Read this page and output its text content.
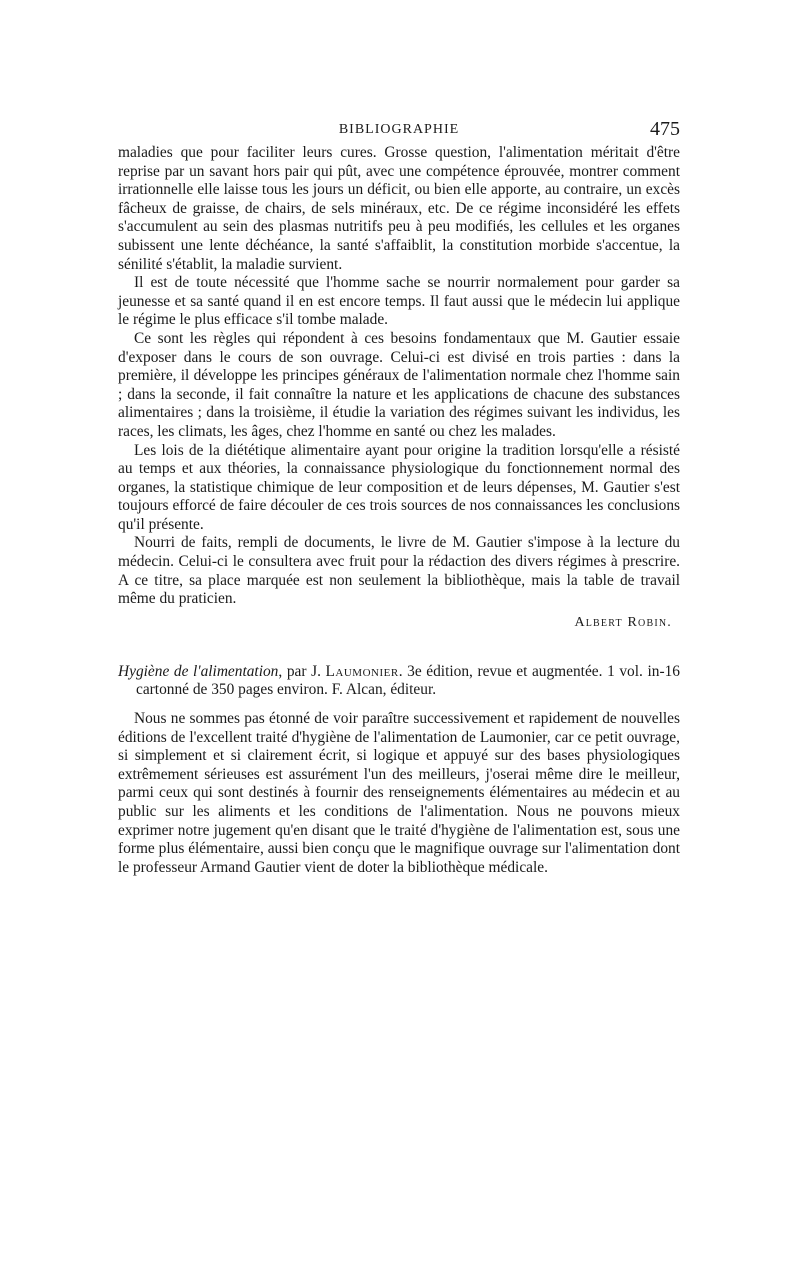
BIBLIOGRAPHIE	475

maladies que pour faciliter leurs cures. Grosse question, l'alimentation méritait d'être reprise par un savant hors pair qui pût, avec une compétence éprouvée, montrer comment irrationnelle elle laisse tous les jours un déficit, ou bien elle apporte, au contraire, un excès fâcheux de graisse, de chairs, de sels minéraux, etc. De ce régime inconsidéré les effets s'accumulent au sein des plasmas nutritifs peu à peu modifiés, les cellules et les organes subissent une lente déchéance, la santé s'affaiblit, la constitution morbide s'accentue, la sénilité s'établit, la maladie survient.

Il est de toute nécessité que l'homme sache se nourrir normalement pour garder sa jeunesse et sa santé quand il en est encore temps. Il faut aussi que le médecin lui applique le régime le plus efficace s'il tombe malade.

Ce sont les règles qui répondent à ces besoins fondamentaux que M. Gautier essaie d'exposer dans le cours de son ouvrage. Celui-ci est divisé en trois parties : dans la première, il développe les principes généraux de l'alimentation normale chez l'homme sain ; dans la seconde, il fait connaître la nature et les applications de chacune des substances alimentaires ; dans la troisième, il étudie la variation des régimes suivant les individus, les races, les climats, les âges, chez l'homme en santé ou chez les malades.

Les lois de la diététique alimentaire ayant pour origine la tradition lorsqu'elle a résisté au temps et aux théories, la connaissance physiologique du fonctionnement normal des organes, la statistique chimique de leur composition et de leurs dépenses, M. Gautier s'est toujours efforcé de faire découler de ces trois sources de nos connaissances les conclusions qu'il présente.

Nourri de faits, rempli de documents, le livre de M. Gautier s'impose à la lecture du médecin. Celui-ci le consultera avec fruit pour la rédaction des divers régimes à prescrire. A ce titre, sa place marquée est non seulement la bibliothèque, mais la table de travail même du praticien.

Albert Robin.

Hygiène de l'alimentation, par J. Laumonier. 3e édition, revue et augmentée. 1 vol. in-16 cartonné de 350 pages environ. F. Alcan, éditeur.

Nous ne sommes pas étonné de voir paraître successivement et rapidement de nouvelles éditions de l'excellent traité d'hygiène de l'alimentation de Laumonier, car ce petit ouvrage, si simplement et si clairement écrit, si logique et appuyé sur des bases physiologiques extrêmement sérieuses est assurément l'un des meilleurs, j'oserai même dire le meilleur, parmi ceux qui sont destinés à fournir des renseignements élémentaires au médecin et au public sur les aliments et les conditions de l'alimentation. Nous ne pouvons mieux exprimer notre jugement qu'en disant que le traité d'hygiène de l'alimentation est, sous une forme plus élémentaire, aussi bien conçu que le magnifique ouvrage sur l'alimentation dont le professeur Armand Gautier vient de doter la bibliothèque médicale.
